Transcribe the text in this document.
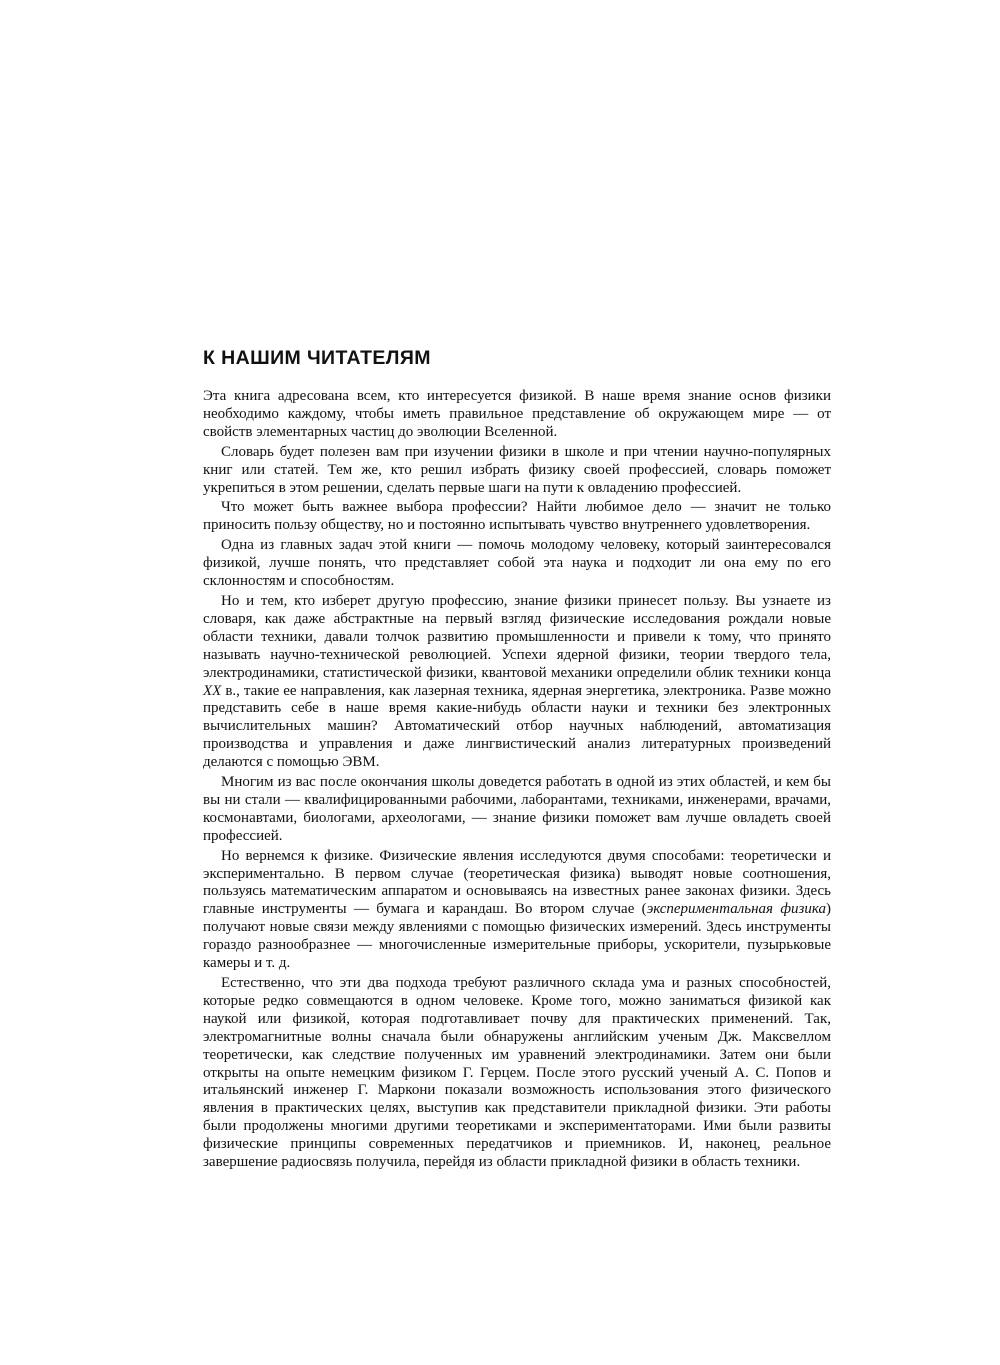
К НАШИМ ЧИТАТЕЛЯМ

Эта книга адресована всем, кто интересуется физикой. В наше время знание основ физики необходимо каждому, чтобы иметь правильное представление об окружающем мире — от свойств элементарных частиц до эволюции Вселенной.

Словарь будет полезен вам при изучении физики в школе и при чтении научно-популярных книг или статей. Тем же, кто решил избрать физику своей профессией, словарь поможет укрепиться в этом решении, сделать первые шаги на пути к овладению профессией.

Что может быть важнее выбора профессии? Найти любимое дело — значит не только приносить пользу обществу, но и постоянно испытывать чувство внутреннего удовлетворения.

Одна из главных задач этой книги — помочь молодому человеку, который заинтересовался физикой, лучше понять, что представляет собой эта наука и подходит ли она ему по его склонностям и способностям.

Но и тем, кто изберет другую профессию, знание физики принесет пользу. Вы узнаете из словаря, как даже абстрактные на первый взгляд физические исследования рождали новые области техники, давали толчок развитию промышленности и привели к тому, что принято называть научно-технической революцией. Успехи ядерной физики, теории твердого тела, электродинамики, статистической физики, квантовой механики определили облик техники конца XX в., такие ее направления, как лазерная техника, ядерная энергетика, электроника. Разве можно представить себе в наше время какие-нибудь области науки и техники без электронных вычислительных машин? Автоматический отбор научных наблюдений, автоматизация производства и управления и даже лингвистический анализ литературных произведений делаются с помощью ЭВМ.

Многим из вас после окончания школы доведется работать в одной из этих областей, и кем бы вы ни стали — квалифицированными рабочими, лаборантами, техниками, инженерами, врачами, космонавтами, биологами, археологами, — знание физики поможет вам лучше овладеть своей профессией.

Но вернемся к физике. Физические явления исследуются двумя способами: теоретически и экспериментально. В первом случае (теоретическая физика) выводят новые соотношения, пользуясь математическим аппаратом и основываясь на известных ранее законах физики. Здесь главные инструменты — бумага и карандаш. Во втором случае (экспериментальная физика) получают новые связи между явлениями с помощью физических измерений. Здесь инструменты гораздо разнообразнее — многочисленные измерительные приборы, ускорители, пузырьковые камеры и т. д.

Естественно, что эти два подхода требуют различного склада ума и разных способностей, которые редко совмещаются в одном человеке. Кроме того, можно заниматься физикой как наукой или физикой, которая подготавливает почву для практических применений. Так, электромагнитные волны сначала были обнаружены английским ученым Дж. Максвеллом теоретически, как следствие полученных им уравнений электродинамики. Затем они были открыты на опыте немецким физиком Г. Герцем. После этого русский ученый А. С. Попов и итальянский инженер Г. Маркони показали возможность использования этого физического явления в практических целях, выступив как представители прикладной физики. Эти работы были продолжены многими другими теоретиками и экспериментаторами. Ими были развиты физические принципы современных передатчиков и приемников. И, наконец, реальное завершение радиосвязь получила, перейдя из области прикладной физики в область техники.
